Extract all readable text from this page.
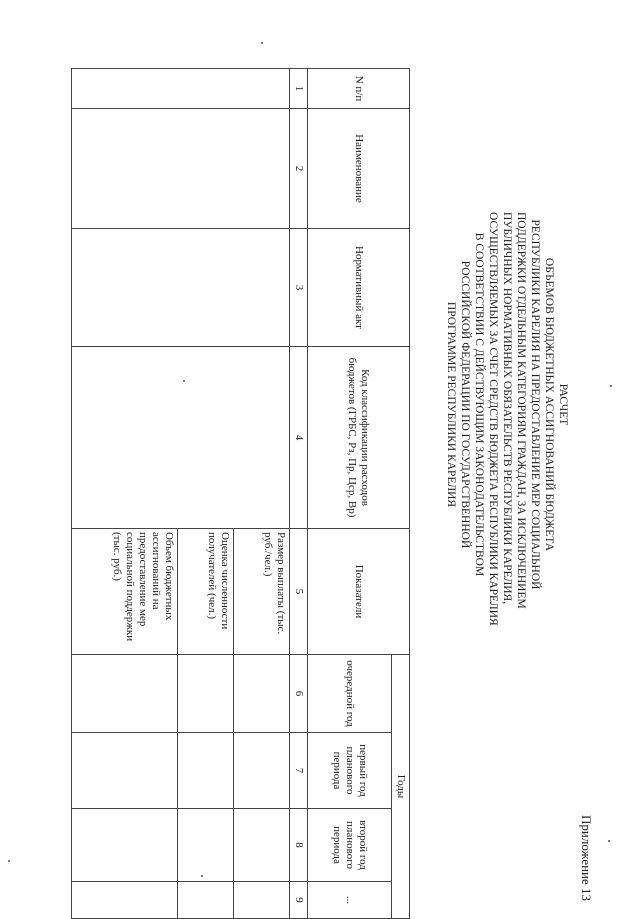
Приложение 13
РАСЧЕТ
ОБЪЕМОВ БЮДЖЕТНЫХ АССИГНОВАНИЙ БЮДЖЕТА
РЕСПУБЛИКИ КАРЕЛИЯ НА ПРЕДОСТАВЛЕНИЕ МЕР СОЦИАЛЬНОЙ
ПОДДЕРЖКИ ОТДЕЛЬНЫМ КАТЕГОРИЯМ ГРАЖДАН, ЗА ИСКЛЮЧЕНИЕМ
ПУБЛИЧНЫХ НОРМАТИВНЫХ ОБЯЗАТЕЛЬСТВ РЕСПУБЛИКИ КАРЕЛИЯ,
ОСУЩЕСТВЛЯЕМЫХ ЗА СЧЕТ СРЕДСТВ БЮДЖЕТА РЕСПУБЛИКИ КАРЕЛИЯ
В СООТВЕТСТВИИ С ДЕЙСТВУЮЩИМ ЗАКОНОДАТЕЛЬСТВОМ
РОССИЙСКОЙ ФЕДЕРАЦИИ ПО ГОСУДАРСТВЕННОЙ
ПРОГРАММЕ РЕСПУБЛИКИ КАРЕЛИЯ
N п/п	Наименование	Нормативный акт	Код классификации расходов бюджетов (ГРБС, Рз, Пр, Цср, Вр)	Показатели	Годы			
					очередной год	первый год планового периода	второй год планового периода	...
1	2	3	4	5	6	7	8	9
				Размер выплаты (тыс. руб./чел.)				
				Оценка численности получателей (чел.)				
				Объем бюджетных ассигнований на предоставление мер социальной поддержки (тыс. руб.)				
